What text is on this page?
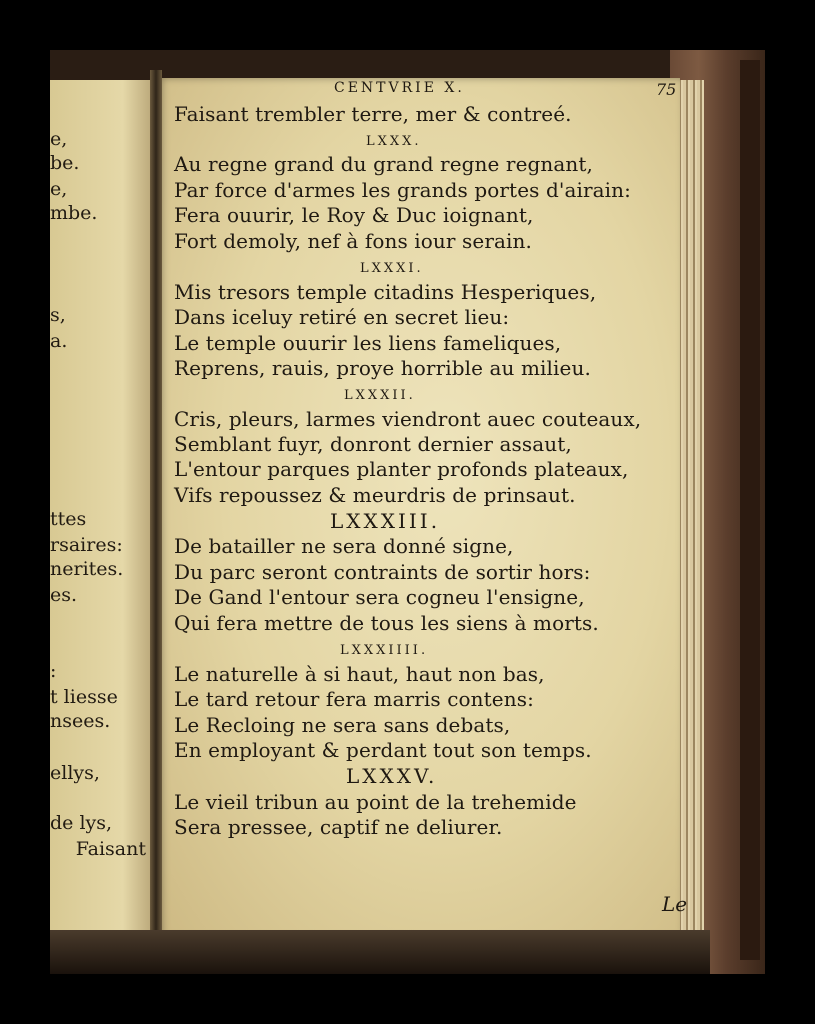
e,
be.
e,
mbe.
s,
a.
ttes
rsaires:
nerites.
es.
:
t liesse
nsees.
ellys,
de lys,
Faisant
CENTVRIE X.	75
Faisant trembler terre, mer & contreé.
LXXX.
Au regne grand du grand regne regnant,
Par force d'armes les grands portes d'airain:
Fera ouurir, le Roy & Duc ioignant,
Fort demoly, nef à fons iour serain.
LXXXI.
Mis tresors temple citadins Hesperiques,
Dans iceluy retiré en secret lieu:
Le temple ouurir les liens fameliques,
Reprens, rauis, proye horrible au milieu.
LXXXII.
Cris, pleurs, larmes viendront auec couteaux,
Semblant fuyr, donront dernier assaut,
L'entour parques planter profonds plateaux,
Vifs repoussez & meurdris de prinsaut.
LXXXIII.
De batailler ne sera donné signe,
Du parc seront contraints de sortir hors:
De Gand l'entour sera cogneu l'ensigne,
Qui fera mettre de tous les siens à morts.
LXXXIIII.
Le naturelle à si haut, haut non bas,
Le tard retour fera marris contens:
Le Recloing ne sera sans debats,
En employant & perdant tout son temps.
LXXXV.
Le vieil tribun au point de la trehemide
Sera pressee, captif ne deliurer.
Le
